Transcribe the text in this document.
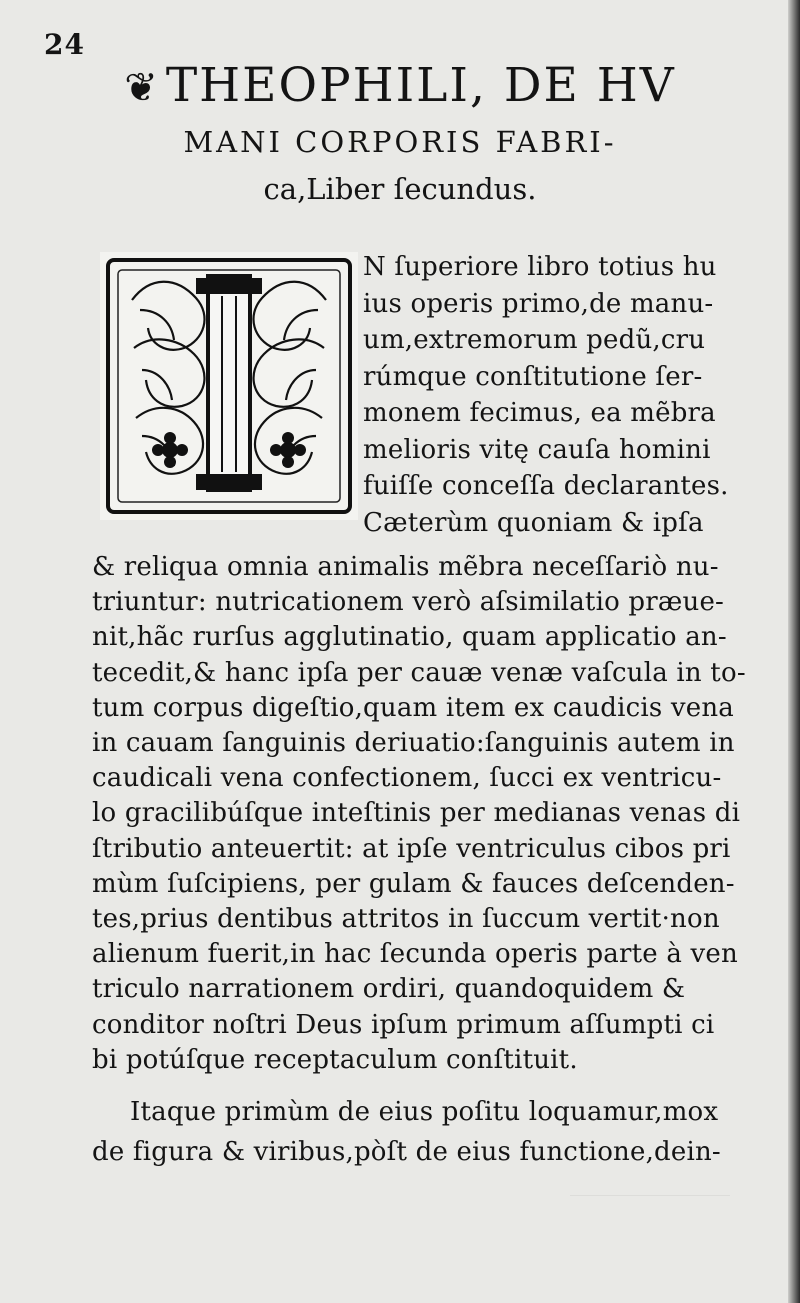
24
❦ THEOPHILI, DE HV
MANI CORPORIS FABRI-
ca,Liber ſecundus.
N ſuperiore libro totius hu
ius operis primo,de manu-
um,extremorum pedũ,cru
rúmque conſtitutione ſer-
monem fecimus, ea mẽbra
melioris vitę cauſa homini
fuiſſe conceſſa declarantes.
Cæterùm quoniam & ipſa
& reliqua omnia animalis mẽbra neceſſariò nu-
triuntur: nutricationem verò aſsimilatio præue-
nit,hãc rurſus agglutinatio, quam applicatio an-
tecedit,& hanc ipſa per cauæ venæ vaſcula in to-
tum corpus digeſtio,quam item ex caudicis vena
in cauam ſanguinis deriuatio:ſanguinis autem in
caudicali vena confectionem, ſucci ex ventricu-
lo gracilibúſque inteſtinis per medianas venas di
ſtributio anteuertit: at ipſe ventriculus cibos pri
mùm ſuſcipiens, per gulam & fauces deſcenden-
tes,prius dentibus attritos in ſuccum vertit·non
alienum fuerit,in hac ſecunda operis parte à ven
triculo narrationem ordiri, quandoquidem &
conditor noſtri Deus ipſum primum aſſumpti ci
bi potúſque receptaculum conſtituit.
Itaque primùm de eius poſitu loquamur,mox
de figura & viribus,pòſt de eius functione,dein-
